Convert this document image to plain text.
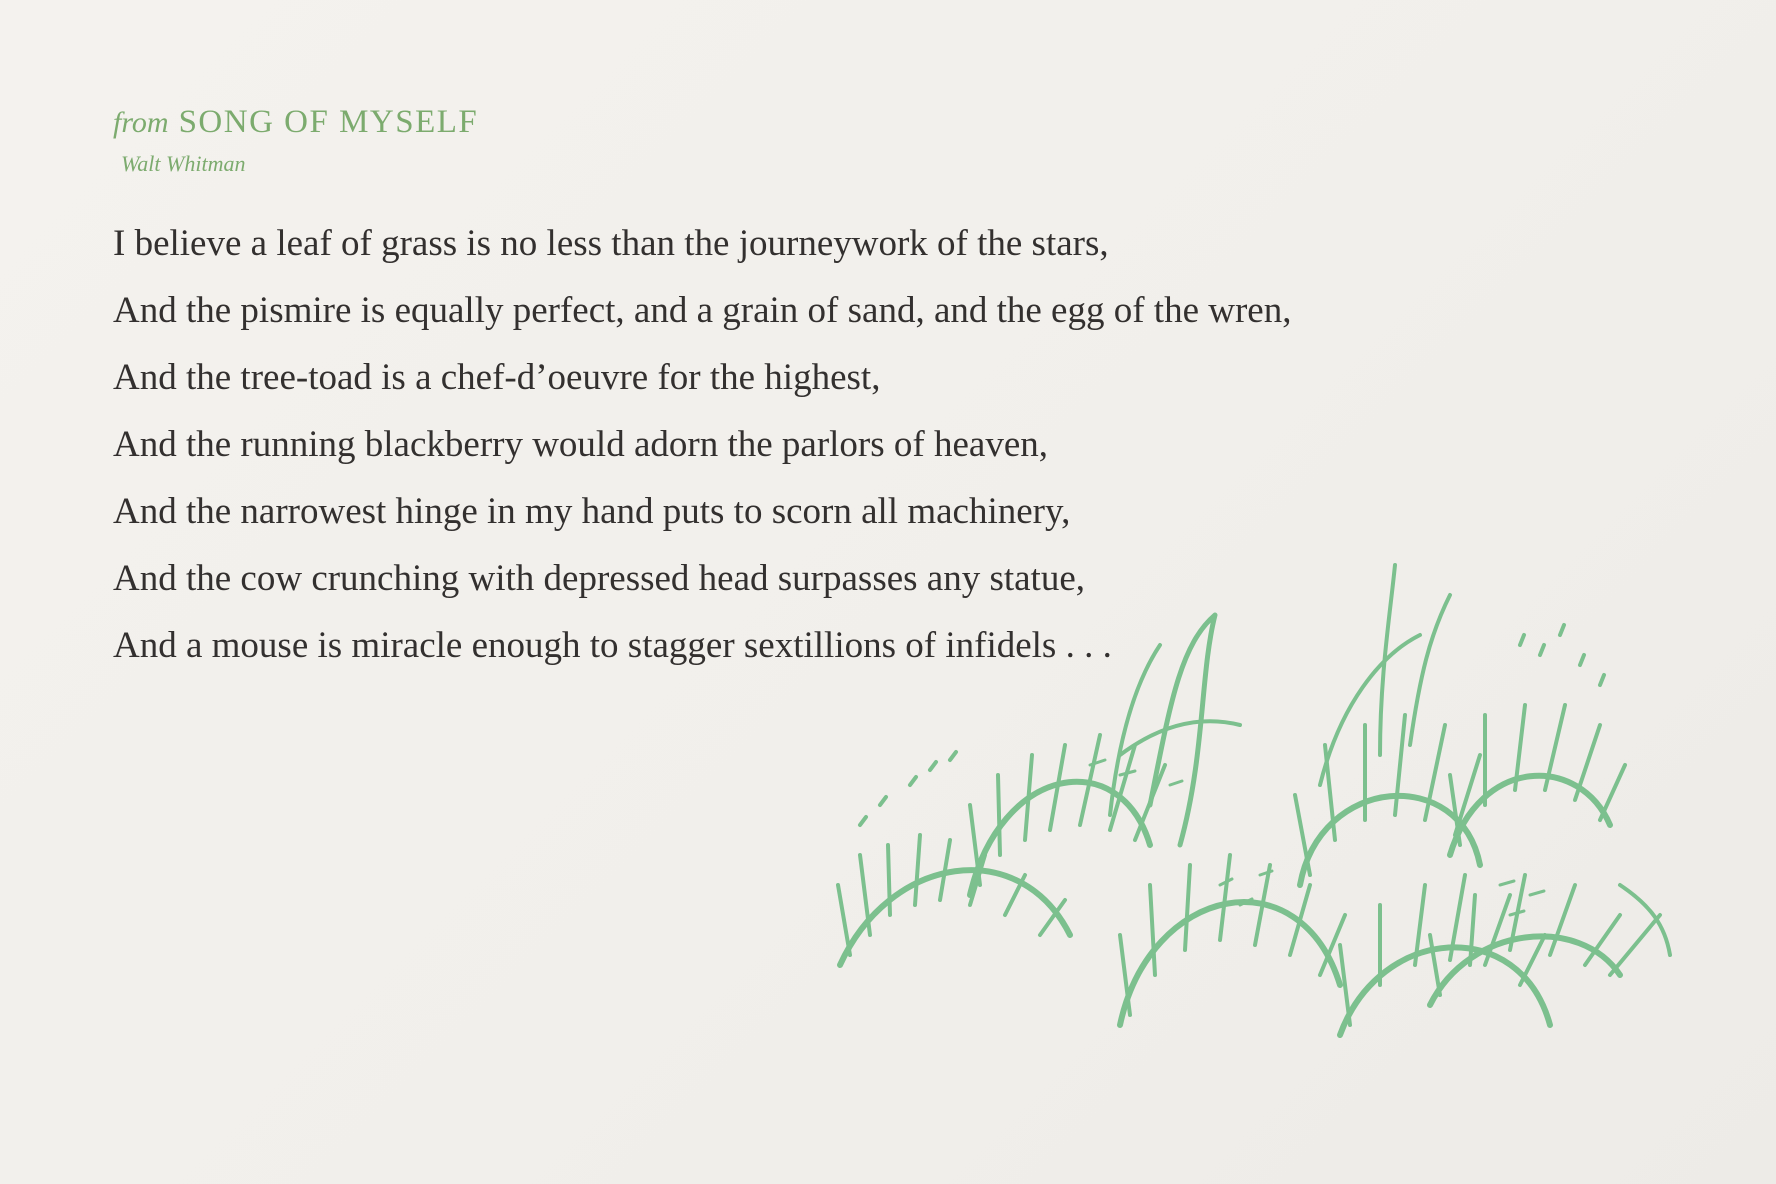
from SONG OF MYSELF
Walt Whitman
I believe a leaf of grass is no less than the journeywork of the stars,
And the pismire is equally perfect, and a grain of sand, and the egg of the wren,
And the tree-toad is a chef-d’oeuvre for the highest,
And the running blackberry would adorn the parlors of heaven,
And the narrowest hinge in my hand puts to scorn all machinery,
And the cow crunching with depressed head surpasses any statue,
And a mouse is miracle enough to stagger sextillions of infidels . . .
